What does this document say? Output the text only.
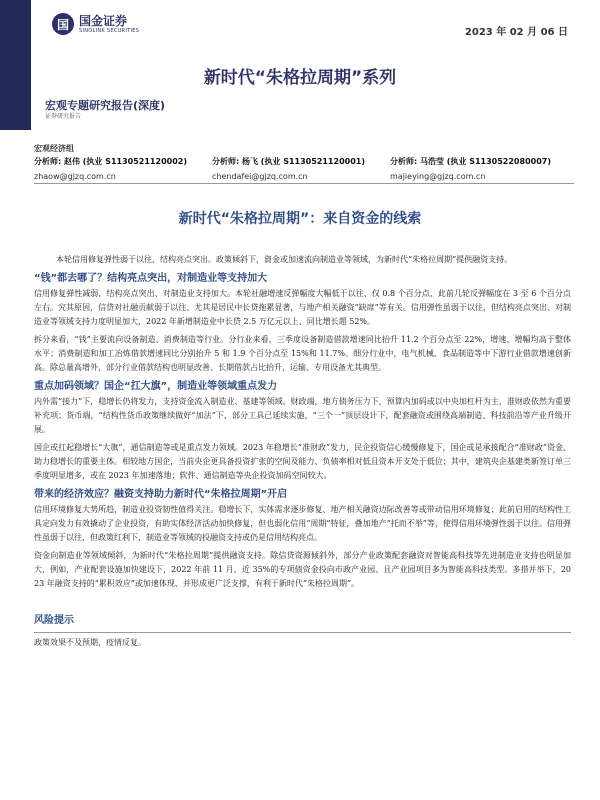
国 国金证券
SINOLINK SECURITIES	2023 年 02 月 06 日
新时代“朱格拉周期”系列
宏观专题研究报告(深度)
证券研究报告
宏观经济组
分析师: 赵伟 (执业 S1130521120002)
zhaow@gjzq.com.cn
分析师: 杨飞 (执业 S1130521120001)
chendafei@gjzq.com.cn
分析师: 马浩莹 (执业 S1130522080007)
majieying@gjzq.com.cn
新时代“朱格拉周期”：来自资金的线索

本轮信用修复弹性弱于以往、结构亮点突出。政策倾斜下，資金或加速流向制造业等领域，为新时代“朱格拉周期”提供融资支持。

“钱”都去哪了？结构亮点突出，对制造业等支持加大

信用修复弹性减弱，结构亮点突出、对制造业支持加大。本轮社融增速反弹幅度大幅低于以往、仅 0.8 个百分点，此前几轮反弹幅度在 3 至 6 个百分点左右。究其原因，信贷对社融贡献弱于以往、尤其是居民中长贷拖累显著，与地产相关融资“缺席”等有关。信用弹性虽弱于以往，但结构亮点突出、对制造业等领域支持力度明显加大，2022 年新增制造业中长贷 2.5 万亿元以上、同比增长超 52%。

拆分来看，“钱”主要流向设备制造、消费制造等行业。分行业来看，三季度设备制造借款增速同比抬升 11.2 个百分点至 22%，增速、增幅均高于整体水平；消费制造和加工冶炼借款增速同比分别抬升 5 和 1.9 个百分点至 15%和 11.7%。细分行业中，电气机械、食品制造等中下游行业借款增速创新高。除总量高增外，部分行业借款结构也明显改善、长期借款占比抬升，运输、专用设备尤其典型。

重点加码领域？国企“扛大旗”，制造业等领域重点发力

内外需“接力”下，稳增长仍将发力，支持资金流入制造业、基建等领域。财政端，地方债务压力下，预算内加码或以中央加杠杆为主，准财政依然为重要补充项；货币端，“结构性货币政策继续做好“加法”下，部分工具已延续实施，“三个一”顶层设计下，配套融资或围绕高端制造、科技前沿等产业升级开展。

国企或扛起稳增长“大旗”，通信制造等或是重点发力领域。2023 年稳增长“准财政”发力，民企投资信心缓慢修复下，国企或是承接配合“准财政”资金、助力稳增长的重要主体。相较地方国企，当前央企更具备投资扩张的空间及能力、负债率相对低且资本开支处于低位；其中，建筑央企基建类新签订单三季度明显增多，或在 2023 年加速落地；软件、通信制造等央企投资加码空间较大。

带来的经济效应？融资支持助力新时代“朱格拉周期”开启

信用环境修复大势所趋，制造业投资韧性值得关注。稳增长下，实体需求逐步修复、地产相关融资边际改善等或带动信用环境修复；此前启用的结构性工具定向发力有效撬动了企业投资，有助实体经济活动加快修复，但也弱化信用“周期”特征，叠加地产“托而不举”等，使得信用环境弹性弱于以往。信用弹性虽弱于以往，但政策红利下，制造业等领域的投融资支持或仍是信用结构亮点。

资金向制造业等领域倾斜，为新时代“朱格拉周期”提供融资支持。除信贷资源倾斜外，部分产业政策配套融资对智能高科技等先进制造业支持也明显加大，例如，产业配套设施加快建设下，2022 年前 11 月，近 35%的专项债资金投向市政产业园、且产业园项目多为智能高科技类型。多措并举下，2023 年融资支持的“累积效应”或加速体现、并形成更广泛支撑，有利于新时代“朱格拉周期”。

风险提示

政策效果不及预期，疫情反复。
